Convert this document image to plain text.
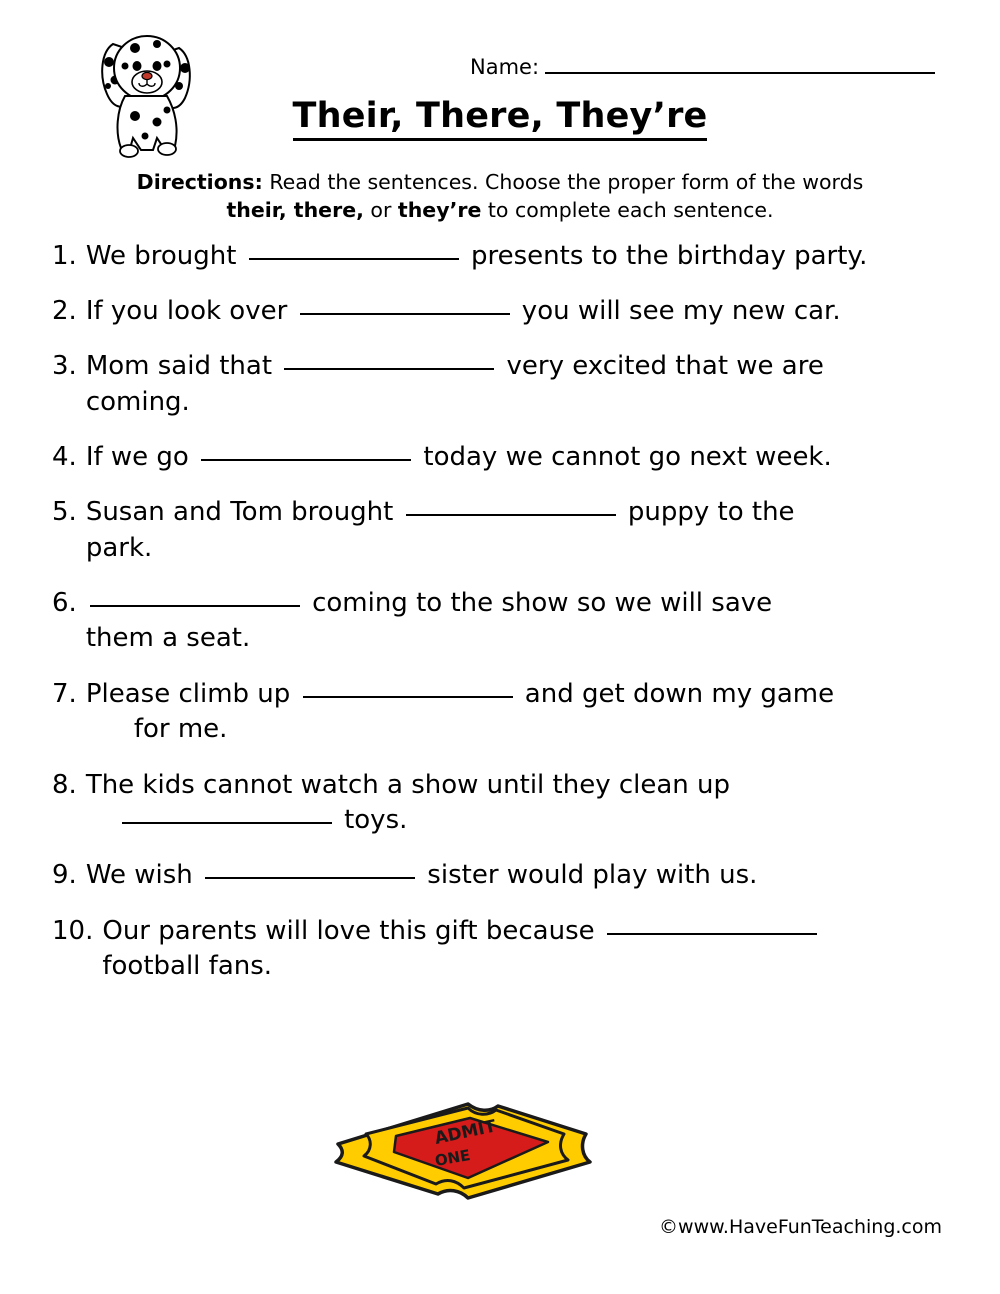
Name:
Their, There, They’re
Directions: Read the sentences. Choose the proper form of the words
their, there, or they’re to complete each sentence.
1. We brought	presents to the birthday party.
2. If you look over	you will see my new car.
3. Mom said that	very excited that we are
coming.
4. If we go	today we cannot go next week.
5. Susan and Tom brought	puppy to the
park.
6.	coming to the show so we will save
them a seat.
7. Please climb up	and get down my game
for me.
8. The kids cannot watch a show until they clean up
toys.
9. We wish	sister would play with us.
10. Our parents will love this gift because
football fans.
ADMIT
ONE
©www.HaveFunTeaching.com
